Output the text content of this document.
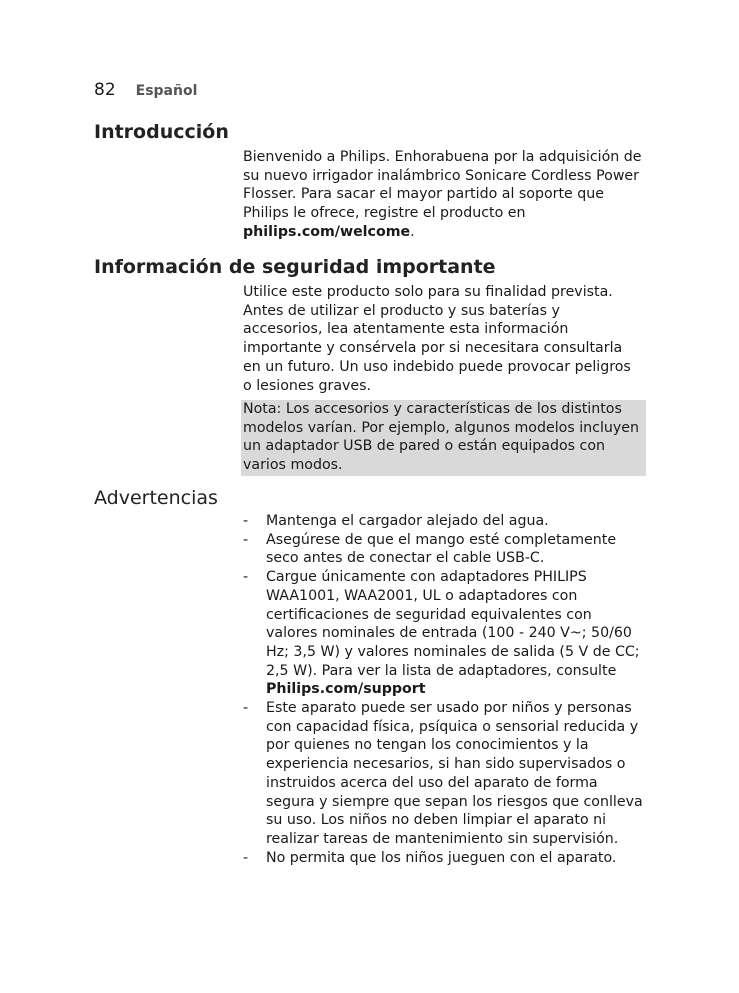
82 Español
Introducción

Bienvenido a Philips. Enhorabuena por la adquisición de su nuevo irrigador inalámbrico Sonicare Cordless Power Flosser. Para sacar el mayor partido al soporte que Philips le ofrece, registre el producto en philips.com/welcome.

Información de seguridad importante

Utilice este producto solo para su finalidad prevista. Antes de utilizar el producto y sus baterías y accesorios, lea atentamente esta información importante y consérvela por si necesitara consultarla en un futuro. Un uso indebido puede provocar peligros o lesiones graves.

Nota: Los accesorios y características de los distintos modelos varían. Por ejemplo, algunos modelos incluyen un adaptador USB de pared o están equipados con varios modos.
Advertencias
- Mantenga el cargador alejado del agua.
- Asegúrese de que el mango esté completamente seco antes de conectar el cable USB-C.
- Cargue únicamente con adaptadores PHILIPS WAA1001, WAA2001, UL o adaptadores con certificaciones de seguridad equivalentes con valores nominales de entrada (100 - 240 V~; 50/60 Hz; 3,5 W) y valores nominales de salida (5 V de CC; 2,5 W). Para ver la lista de adaptadores, consulte Philips.com/support
- Este aparato puede ser usado por niños y personas con capacidad física, psíquica o sensorial reducida y por quienes no tengan los conocimientos y la experiencia necesarios, si han sido supervisados o instruidos acerca del uso del aparato de forma segura y siempre que sepan los riesgos que conlleva su uso. Los niños no deben limpiar el aparato ni realizar tareas de mantenimiento sin supervisión.
- No permita que los niños jueguen con el aparato.
